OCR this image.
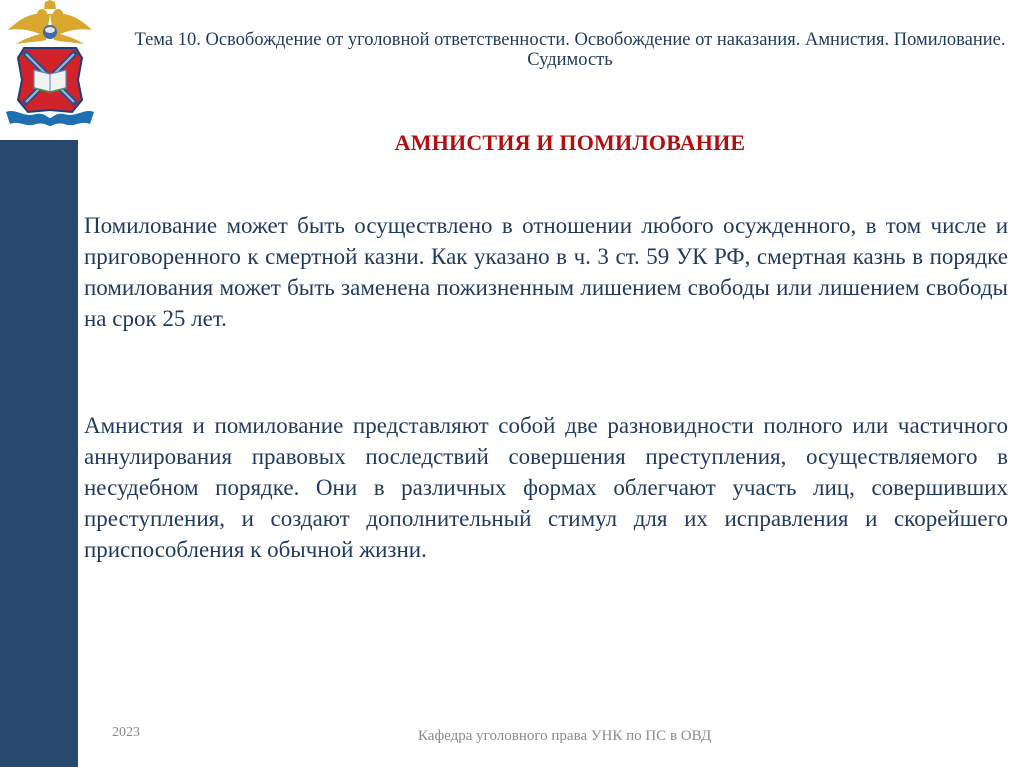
Тема 10. Освобождение от уголовной ответственности. Освобождение от наказания. Амнистия. Помилование. Судимость
АМНИСТИЯ И ПОМИЛОВАНИЕ
Помилование может быть осуществлено в отношении любого осужденного, в том числе и приговоренного к смертной казни. Как указано в ч. 3 ст. 59 УК РФ, смертная казнь в порядке помилования может быть заменена пожизненным лишением свободы или лишением свободы на срок 25 лет.
Амнистия и помилование представляют собой две разновидности полного или частичного аннулирования правовых последствий совершения преступления, осуществляемого в несудебном порядке. Они в различных формах облегчают участь лиц, совершивших преступления, и создают дополнительный стимул для их исправления и скорейшего приспособления к обычной жизни.
2023	Кафедра уголовного права УНК по ПС в ОВД
